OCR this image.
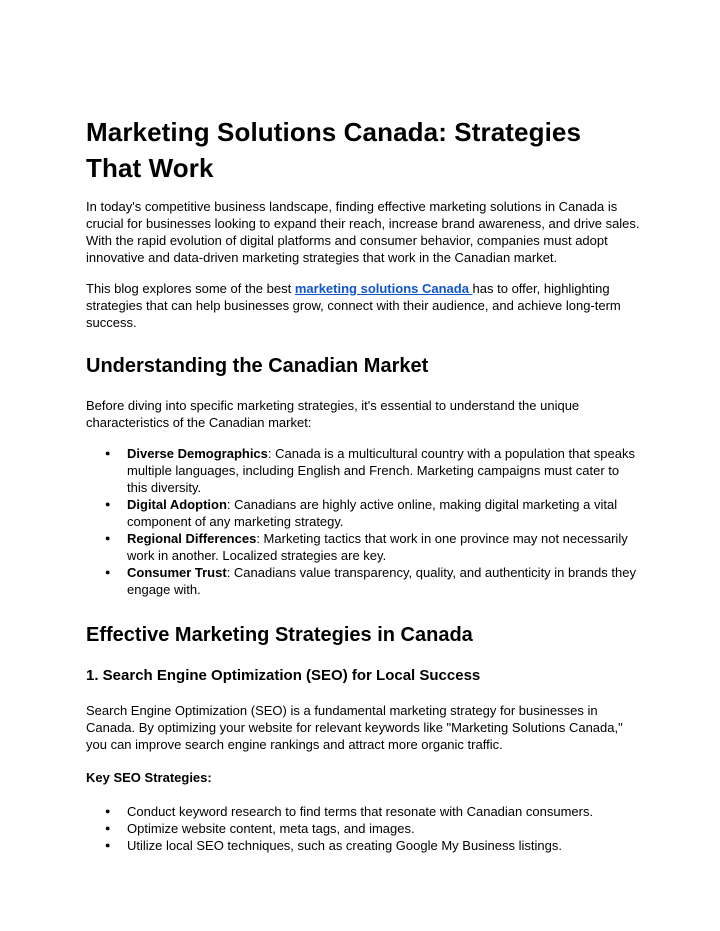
Marketing Solutions Canada: Strategies That Work

In today's competitive business landscape, finding effective marketing solutions in Canada is crucial for businesses looking to expand their reach, increase brand awareness, and drive sales. With the rapid evolution of digital platforms and consumer behavior, companies must adopt innovative and data-driven marketing strategies that work in the Canadian market.

This blog explores some of the best marketing solutions Canada has to offer, highlighting strategies that can help businesses grow, connect with their audience, and achieve long-term success.

Understanding the Canadian Market

Before diving into specific marketing strategies, it's essential to understand the unique characteristics of the Canadian market:

● Diverse Demographics: Canada is a multicultural country with a population that speaks multiple languages, including English and French. Marketing campaigns must cater to this diversity.
● Digital Adoption: Canadians are highly active online, making digital marketing a vital component of any marketing strategy.
● Regional Differences: Marketing tactics that work in one province may not necessarily work in another. Localized strategies are key.
● Consumer Trust: Canadians value transparency, quality, and authenticity in brands they engage with.
Effective Marketing Strategies in Canada
1. Search Engine Optimization (SEO) for Local Success

Search Engine Optimization (SEO) is a fundamental marketing strategy for businesses in Canada. By optimizing your website for relevant keywords like "Marketing Solutions Canada," you can improve search engine rankings and attract more organic traffic.

Key SEO Strategies:

● Conduct keyword research to find terms that resonate with Canadian consumers.
● Optimize website content, meta tags, and images.
● Utilize local SEO techniques, such as creating Google My Business listings.
